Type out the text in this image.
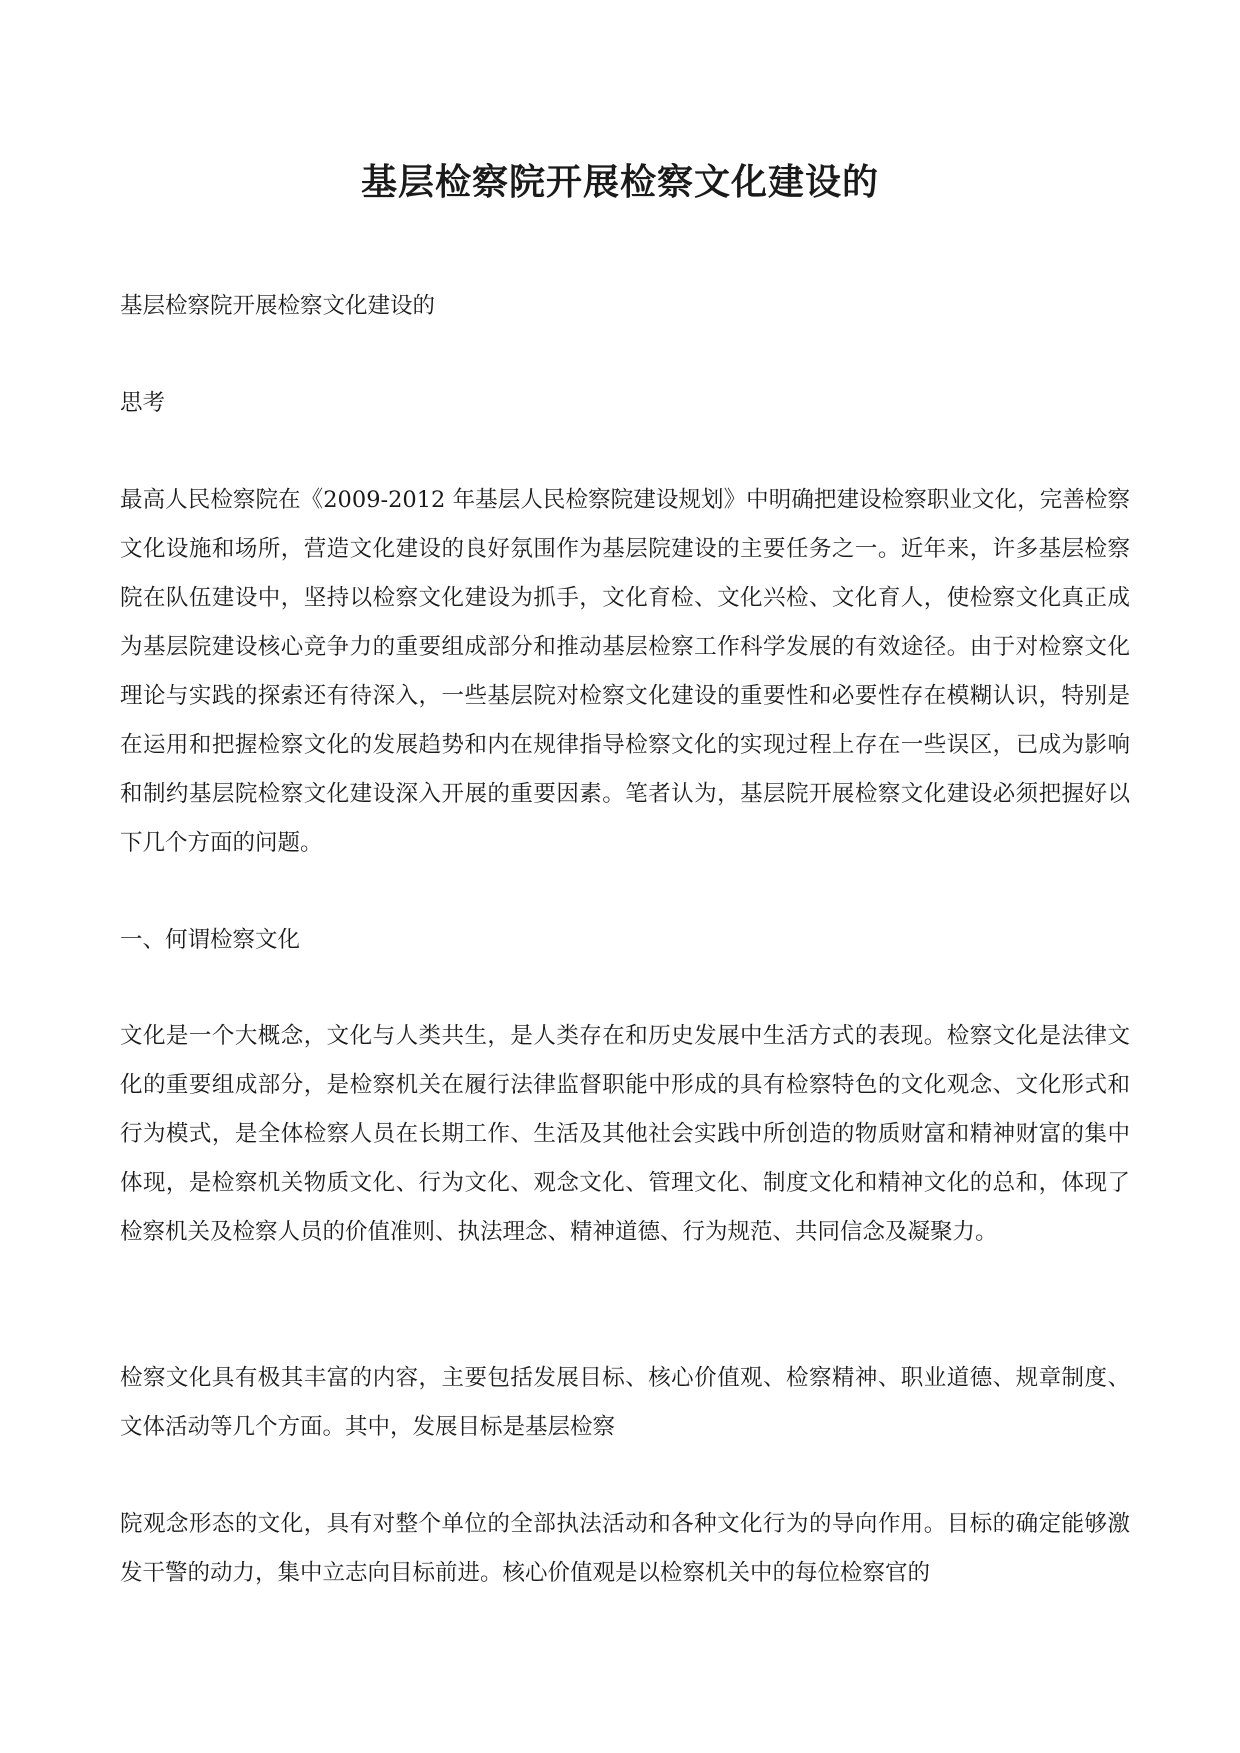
基层检察院开展检察文化建设的

基层检察院开展检察文化建设的

思考

最高人民检察院在《2009-2012 年基层人民检察院建设规划》中明确把建设检察职业文化，完善检察文化设施和场所，营造文化建设的良好氛围作为基层院建设的主要任务之一。近年来，许多基层检察院在队伍建设中，坚持以检察文化建设为抓手，文化育检、文化兴检、文化育人，使检察文化真正成为基层院建设核心竞争力的重要组成部分和推动基层检察工作科学发展的有效途径。由于对检察文化理论与实践的探索还有待深入，一些基层院对检察文化建设的重要性和必要性存在模糊认识，特别是在运用和把握检察文化的发展趋势和内在规律指导检察文化的实现过程上存在一些误区，已成为影响和制约基层院检察文化建设深入开展的重要因素。笔者认为，基层院开展检察文化建设必须把握好以下几个方面的问题。

一、何谓检察文化

文化是一个大概念，文化与人类共生，是人类存在和历史发展中生活方式的表现。检察文化是法律文化的重要组成部分，是检察机关在履行法律监督职能中形成的具有检察特色的文化观念、文化形式和行为模式，是全体检察人员在长期工作、生活及其他社会实践中所创造的物质财富和精神财富的集中体现，是检察机关物质文化、行为文化、观念文化、管理文化、制度文化和精神文化的总和，体现了检察机关及检察人员的价值准则、执法理念、精神道德、行为规范、共同信念及凝聚力。

检察文化具有极其丰富的内容，主要包括发展目标、核心价值观、检察精神、职业道德、规章制度、文体活动等几个方面。其中，发展目标是基层检察

院观念形态的文化，具有对整个单位的全部执法活动和各种文化行为的导向作用。目标的确定能够激发干警的动力，集中立志向目标前进。核心价值观是以检察机关中的每位检察官的
